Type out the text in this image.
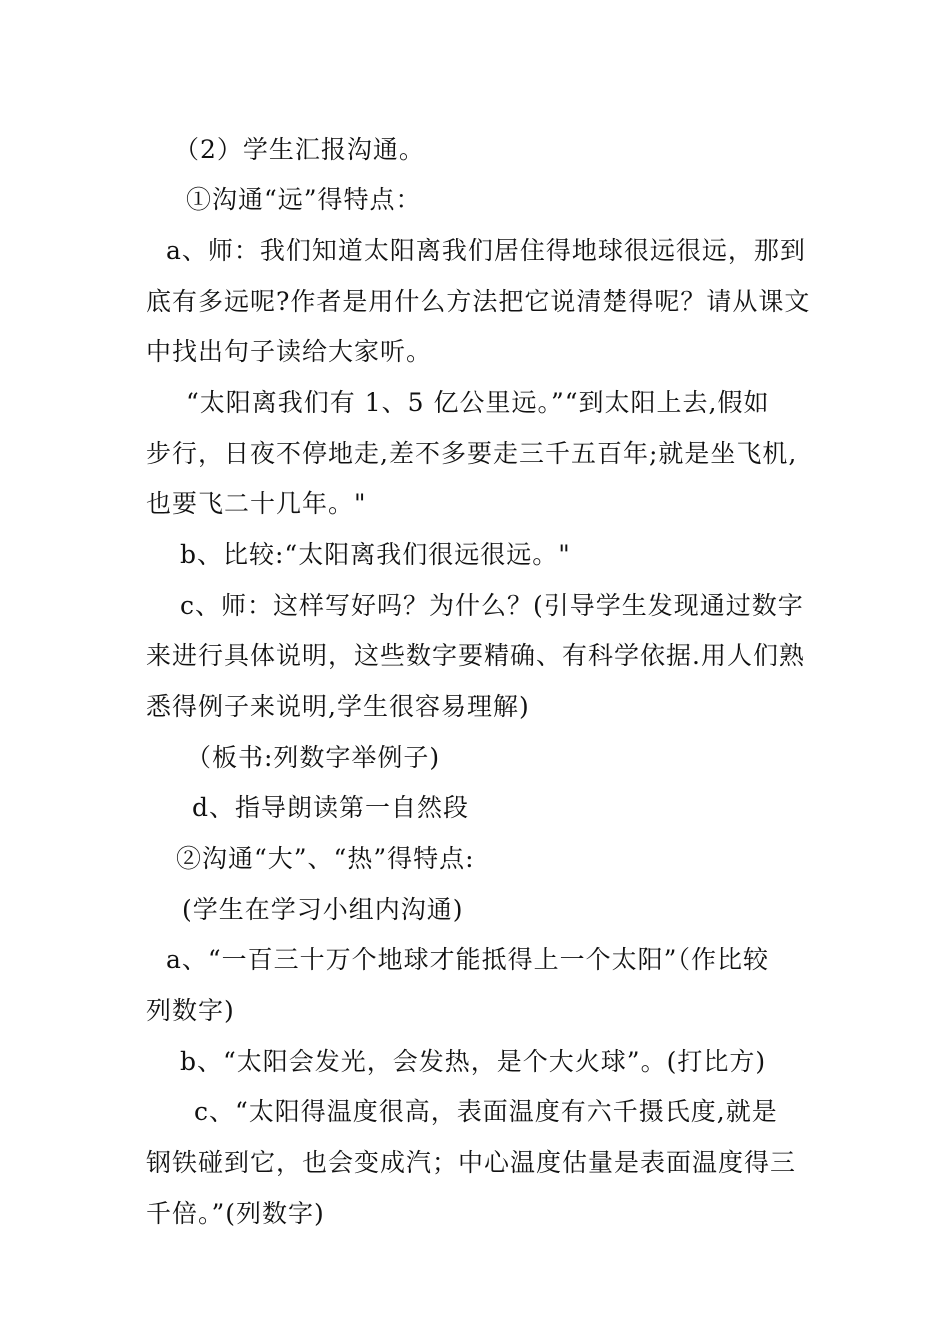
（2）学生汇报沟通。
①沟通“远”得特点：
a、师：我们知道太阳离我们居住得地球很远很远，那到
底有多远呢?作者是用什么方法把它说清楚得呢？请从课文
中找出句子读给大家听。
“太阳离我们有 1、5 亿公里远。”“到太阳上去,假如
步行，日夜不停地走,差不多要走三千五百年;就是坐飞机,
也要飞二十几年。"
b、比较:“太阳离我们很远很远。"
c、师：这样写好吗？为什么？(引导学生发现通过数字
来进行具体说明，这些数字要精确、有科学依据.用人们熟
悉得例子来说明,学生很容易理解)
（板书:列数字举例子)
d、指导朗读第一自然段
②沟通“大”、“热”得特点:
(学生在学习小组内沟通)
a、“一百三十万个地球才能抵得上一个太阳”（作比较
列数字)
b、“太阳会发光，会发热，是个大火球”。(打比方)
c、“太阳得温度很高，表面温度有六千摄氏度,就是
钢铁碰到它，也会变成汽；中心温度估量是表面温度得三
千倍。”(列数字)
